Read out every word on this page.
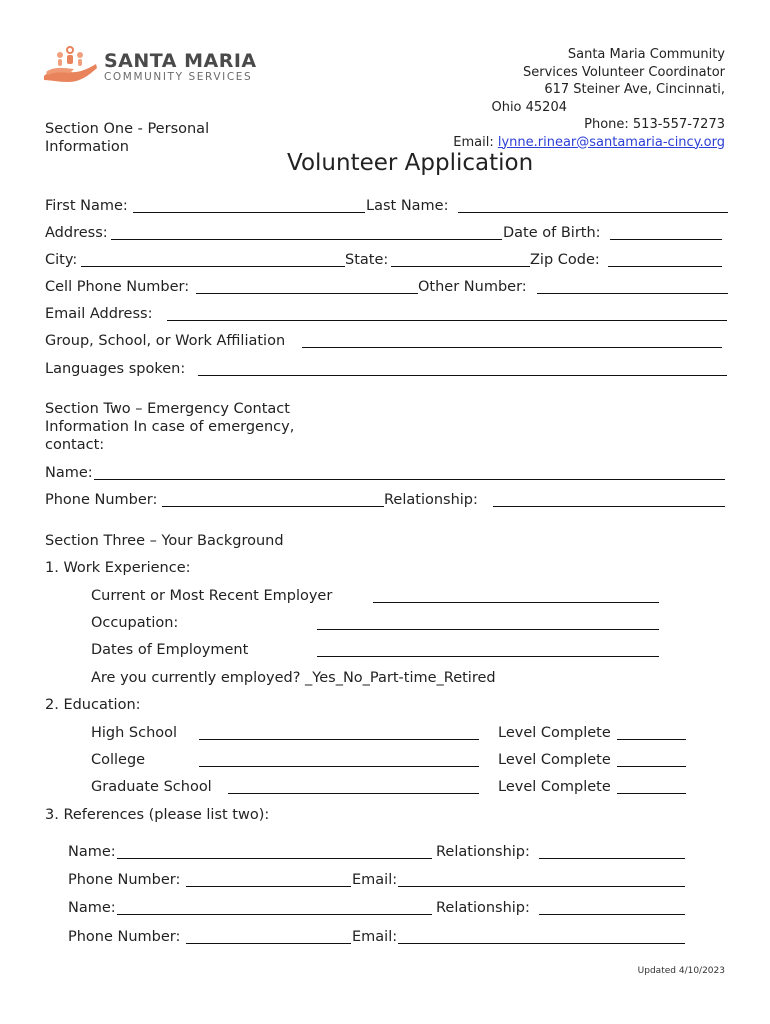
SANTA MARIA
COMMUNITY SERVICES
Santa Maria Community
Services Volunteer Coordinator
617 Steiner Ave, Cincinnati,
Ohio 45204
Phone: 513-557-7273
Email: lynne.rinear@santamaria-cincy.org
Section One - Personal
Information
Volunteer Application
First Name:	Last Name:
Address:	Date of Birth:
City:	State:	Zip Code:
Cell Phone Number:	Other Number:
Email Address:
Group, School, or Work Affiliation
Languages spoken:
Section Two – Emergency Contact
Information In case of emergency,
contact:
Name:
Phone Number:	Relationship:
Section Three – Your Background
1. Work Experience:
Current or Most Recent Employer
Occupation:
Dates of Employment
Are you currently employed? _Yes_No_Part-time_Retired
2. Education:
High School	Level Complete
College	Level Complete
Graduate School	Level Complete
3. References (please list two):
Name:	Relationship:
Phone Number:	Email:
Name:	Relationship:
Phone Number:	Email:
Updated 4/10/2023
